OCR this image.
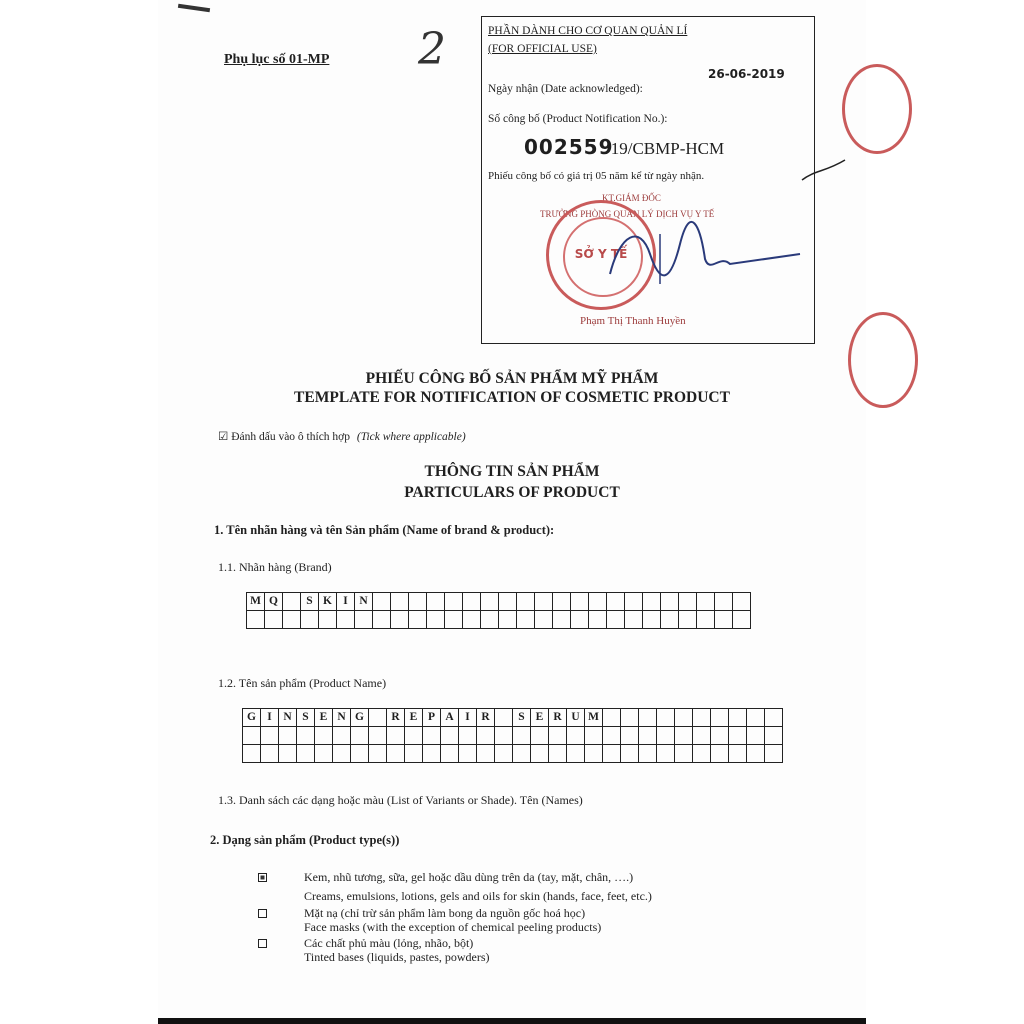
Phụ lục số 01-MP 2	PHẦN DÀNH CHO CƠ QUAN QUẢN LÍ
(FOR OFFICIAL USE)
26-06-2019
Ngày nhận (Date acknowledged):
Số công bố (Product Notification No.):
002559
/19/CBMP-HCM
Phiếu công bố có giá trị 05 năm kể từ ngày nhận.
KT.GIÁM ĐỐC
TRƯỞNG PHÒNG QUẢN LÝ DỊCH VỤ Y TẾ
Phạm Thị Thanh Huyền
SỞ Y TẾ
PHIẾU CÔNG BỐ SẢN PHẨM MỸ PHẨM
TEMPLATE FOR NOTIFICATION OF COSMETIC PRODUCT
☑ Đánh dấu vào ô thích hợp (Tick where applicable)
THÔNG TIN SẢN PHẨM
PARTICULARS OF PRODUCT
1. Tên nhãn hàng và tên Sản phẩm (Name of brand & product):
1.1. Nhãn hàng (Brand)
M	Q		S	K	I	N																					

1.2. Tên sản phẩm (Product Name)
G	I	N	S	E	N	G		R	E	P	A	I	R		S	E	R	U	M										

1.3. Danh sách các dạng hoặc màu (List of Variants or Shade). Tên (Names)
2. Dạng sản phẩm (Product type(s))
Kem, nhũ tương, sữa, gel hoặc dầu dùng trên da (tay, mặt, chân, ….)
Creams, emulsions, lotions, gels and oils for skin (hands, face, feet, etc.)
Mặt nạ (chỉ trừ sản phẩm làm bong da nguồn gốc hoá học)
Face masks (with the exception of chemical peeling products)
Các chất phủ màu (lỏng, nhão, bột)
Tinted bases (liquids, pastes, powders)
